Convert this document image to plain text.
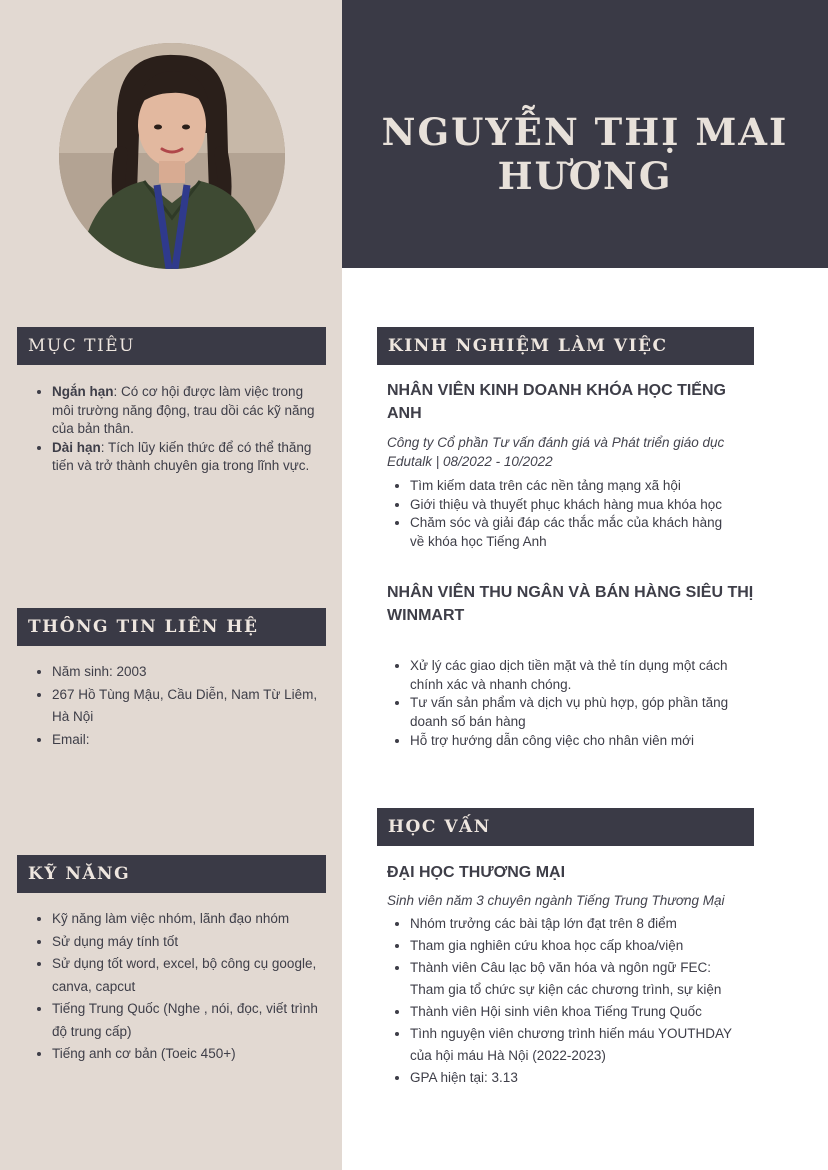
NGUYỄN THỊ MAI
HƯƠNG
MỤC TIÊU
• Ngắn hạn: Có cơ hội được làm việc trong môi trường năng động, trau dồi các kỹ năng của bản thân.
• Dài hạn: Tích lũy kiến thức để có thể thăng tiến và trở thành chuyên gia trong lĩnh vực.
THÔNG TIN LIÊN HỆ
• Năm sinh: 2003
• 267 Hồ Tùng Mậu, Cầu Diễn, Nam Từ Liêm, Hà Nội
• Email:
KỸ NĂNG
• Kỹ năng làm việc nhóm, lãnh đạo nhóm
• Sử dụng máy tính tốt
• Sử dụng tốt word, excel, bộ công cụ google, canva, capcut
• Tiếng Trung Quốc (Nghe , nói, đọc, viết trình độ trung cấp)
• Tiếng anh cơ bản (Toeic 450+)
KINH NGHIỆM LÀM VIỆC
NHÂN VIÊN KINH DOANH KHÓA HỌC TIẾNG ANH
Công ty Cổ phần Tư vấn đánh giá và Phát triển giáo dục Edutalk | 08/2022 - 10/2022
• Tìm kiếm data trên các nền tảng mạng xã hội
• Giới thiệu và thuyết phục khách hàng mua khóa học
• Chăm sóc và giải đáp các thắc mắc của khách hàng về khóa học Tiếng Anh
NHÂN VIÊN THU NGÂN VÀ BÁN HÀNG SIÊU THỊ WINMART
• Xử lý các giao dịch tiền mặt và thẻ tín dụng một cách chính xác và nhanh chóng.
• Tư vấn sản phẩm và dịch vụ phù hợp, góp phần tăng doanh số bán hàng
• Hỗ trợ hướng dẫn công việc cho nhân viên mới
HỌC VẤN
ĐẠI HỌC THƯƠNG MẠI
Sinh viên năm 3 chuyên ngành Tiếng Trung Thương Mại
• Nhóm trưởng các bài tập lớn đạt trên 8 điểm
• Tham gia nghiên cứu khoa học cấp khoa/viện
• Thành viên Câu lạc bộ văn hóa và ngôn ngữ FEC: Tham gia tổ chức sự kiện các chương trình, sự kiện
• Thành viên Hội sinh viên khoa Tiếng Trung Quốc
• Tình nguyện viên chương trình hiến máu YOUTHDAY của hội máu Hà Nội (2022-2023)
• GPA hiện tại: 3.13
